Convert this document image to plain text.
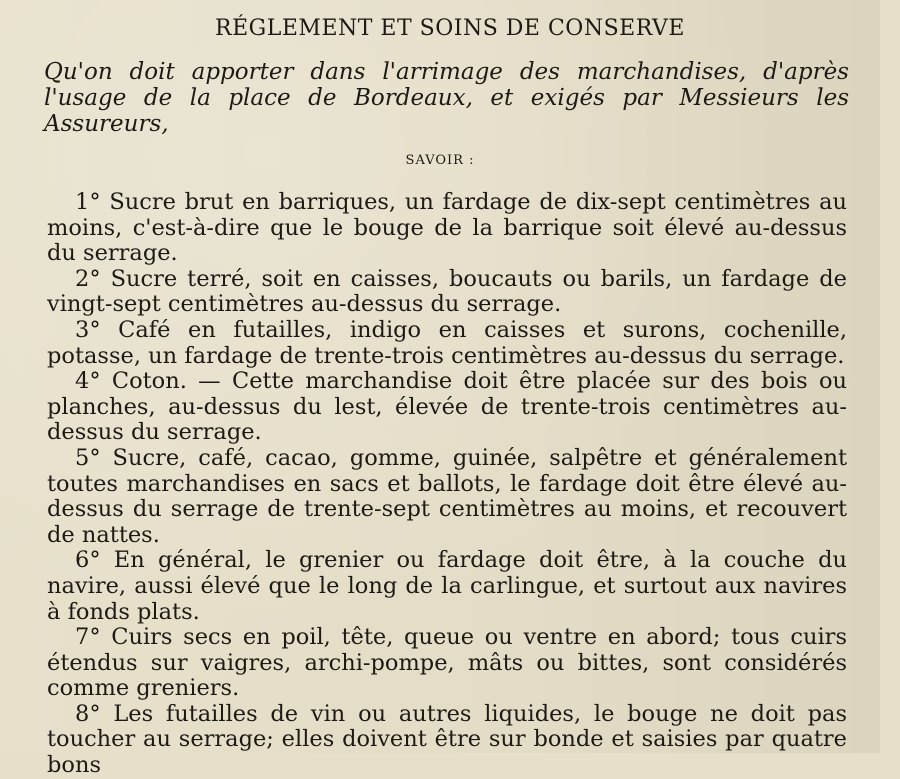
RÉGLEMENT ET SOINS DE CONSERVE
Qu'on doit apporter dans l'arrimage des marchandises, d'après l'usage de la place de Bordeaux, et exigés par Messieurs les Assureurs,
SAVOIR :

1° Sucre brut en barriques, un fardage de dix-sept centimètres au moins, c'est-à-dire que le bouge de la barrique soit élevé au-dessus du serrage.

2° Sucre terré, soit en caisses, boucauts ou barils, un fardage de vingt-sept centimètres au-dessus du serrage.

3° Café en futailles, indigo en caisses et surons, cochenille, potasse, un fardage de trente-trois centimètres au-dessus du serrage.

4° Coton. — Cette marchandise doit être placée sur des bois ou planches, au-dessus du lest, élevée de trente-trois centimètres au-dessus du serrage.

5° Sucre, café, cacao, gomme, guinée, salpêtre et généralement toutes marchandises en sacs et ballots, le fardage doit être élevé au-dessus du serrage de trente-sept centimètres au moins, et recouvert de nattes.

6° En général, le grenier ou fardage doit être, à la couche du navire, aussi élevé que le long de la carlingue, et surtout aux navires à fonds plats.

7° Cuirs secs en poil, tête, queue ou ventre en abord; tous cuirs étendus sur vaigres, archi-pompe, mâts ou bittes, sont considérés comme greniers.

8° Les futailles de vin ou autres liquides, le bouge ne doit pas toucher au serrage; elles doivent être sur bonde et saisies par quatre bons
